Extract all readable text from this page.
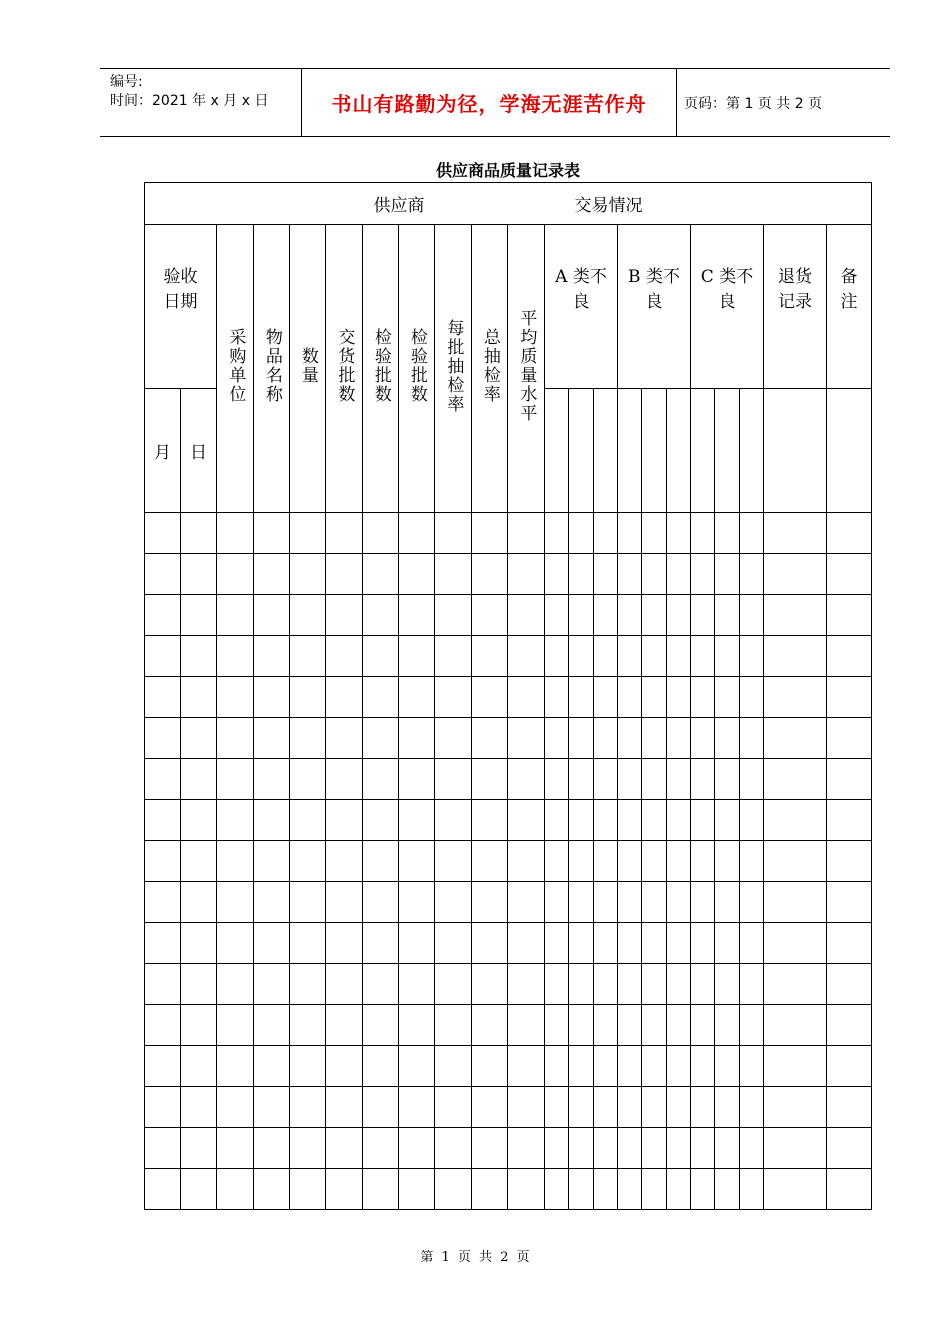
编号:
时间：2021 年 x 月 x 日	书山有路勤为径，学海无涯苦作舟	页码：第 1 页 共 2 页
供应商品质量记录表
供应商 交易情况																					

验收日期		采购单位	物品名称	数量	交货批数	检验批数	检验批数	每批抽检率	总抽检率	平均质量水平	A 类不良			B 类不良			C 类不良			退货记录	备注
月	日																				

第 1 页 共 2 页
